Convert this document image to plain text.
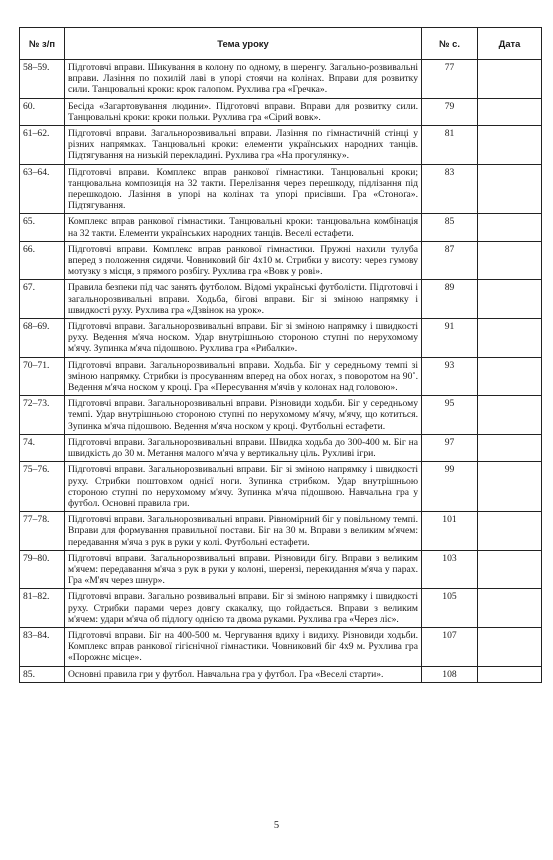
№ з/п	Тема уроку	№ с.	Дата
58–59.	Підготовчі вправи. Шикування в колону по одному, в шеренгу. Загально-розвивальні вправи. Лазіння по похилій лаві в упорі стоячи на колінах. Вправи для розвитку сили. Танцювальні кроки: крок галопом. Рухлива гра «Гречка».	77	
60.	Бесіда «Загартовування людини». Підготовчі вправи. Вправи для розвитку сили. Танцювальні кроки: кроки польки. Рухлива гра «Сірий вовк».	79	
61–62.	Підготовчі вправи. Загальнорозвивальні вправи. Лазіння по гімнастичній стінці у різних напрямках. Танцювальні кроки: елементи українських народних танців. Підтягування на низькій перекладині. Рухлива гра «На прогулянку».	81	
63–64.	Підготовчі вправи. Комплекс вправ ранкової гімнастики. Танцювальні кроки; танцювальна композиція на 32 такти. Перелізання через перешкоду, підлізання під перешкодою. Лазіння в упорі на колінах та упорі присівши. Гра «Стоноґа». Підтягування.	83	
65.	Комплекс вправ ранкової гімнастики. Танцювальні кроки: танцювальна комбінація на 32 такти. Елементи українських народних танців. Веселі естафети.	85	
66.	Підготовчі вправи. Комплекс вправ ранкової гімнастики. Пружні нахили тулуба вперед з положення сидячи. Човниковий біг 4x10 м. Стрибки у висоту: через гумову мотузку з місця, з прямого розбігу. Рухлива гра «Вовк у рові».	87	
67.	Правила безпеки під час занять футболом. Відомі українські футболісти. Підготовчі і загальнорозвивальні вправи. Ходьба, бігові вправи. Біг зі зміною напрямку і швидкості руху. Рухлива гра «Дзвінок на урок».	89	
68–69.	Підготовчі вправи. Загальнорозвивальні вправи. Біг зі зміною напрямку і швидкості руху. Ведення м'яча носком. Удар внутрішньою стороною ступні по нерухомому м'ячу. Зупинка м'яча підошвою. Рухлива гра «Рибалки».	91	
70–71.	Підготовчі вправи. Загальнорозвивальні вправи. Ходьба. Біг у середньому темпі зі зміною напрямку. Стрибки із просуванням вперед на обох ногах, з поворотом на 90˚. Ведення м'яча носком у кроці. Гра «Пересування м'ячів у колонах над головою».	93	
72–73.	Підготовчі вправи. Загальнорозвивальні вправи. Різновиди ходьби. Біг у середньому темпі. Удар внутрішньою стороною ступні по нерухомому м'ячу, м'ячу, що котиться. Зупинка м'яча підошвою. Ведення м'яча носком у кроці. Футбольні естафети.	95	
74.	Підготовчі вправи. Загальнорозвивальні вправи. Швидка ходьба до 300-400 м. Біг на швидкість до 30 м. Метання малого м'яча у вертикальну ціль. Рухливі ігри.	97	
75–76.	Підготовчі вправи. Загальнорозвивальні вправи. Біг зі зміною напрямку і швидкості руху. Стрибки поштовхом однієї ноги. Зупинка стрибком. Удар внутрішньою стороною ступні по нерухомому м'ячу. Зупинка м'яча підошвою. Навчальна гра у футбол. Основні правила гри.	99	
77–78.	Підготовчі вправи. Загальнорозвивальні вправи. Рівномірний біг у повільному темпі. Вправи для формування правильної постави. Біг на 30 м. Вправи з великим м'ячем: передавання м'яча з рук в руки у колі. Футбольні естафети.	101	
79–80.	Підготовчі вправи. Загальнорозвивальні вправи. Різновиди бігу. Вправи з великим м'ячем: передавання м'яча з рук в руки у колоні, шерензі, перекидання м'яча у парах. Гра «М'яч через шнур».	103	
81–82.	Підготовчі вправи. Загально розвивальні вправи. Біг зі зміною напрямку і швидкості руху. Стрибки парами через довгу скакалку, що гойдається. Вправи з великим м'ячем: удари м'яча об підлогу однією та двома руками. Рухлива гра «Через ліс».	105	
83–84.	Підготовчі вправи. Біг на 400-500 м. Чергування вдиху і видиху. Різновиди ходьби. Комплекс вправ ранкової гігієнічної гімнастики. Човниковий біг 4x9 м. Рухлива гра «Порожнє місце».	107	
85.	Основні правила гри у футбол. Навчальна гра у футбол. Гра «Веселі старти».	108	
5
